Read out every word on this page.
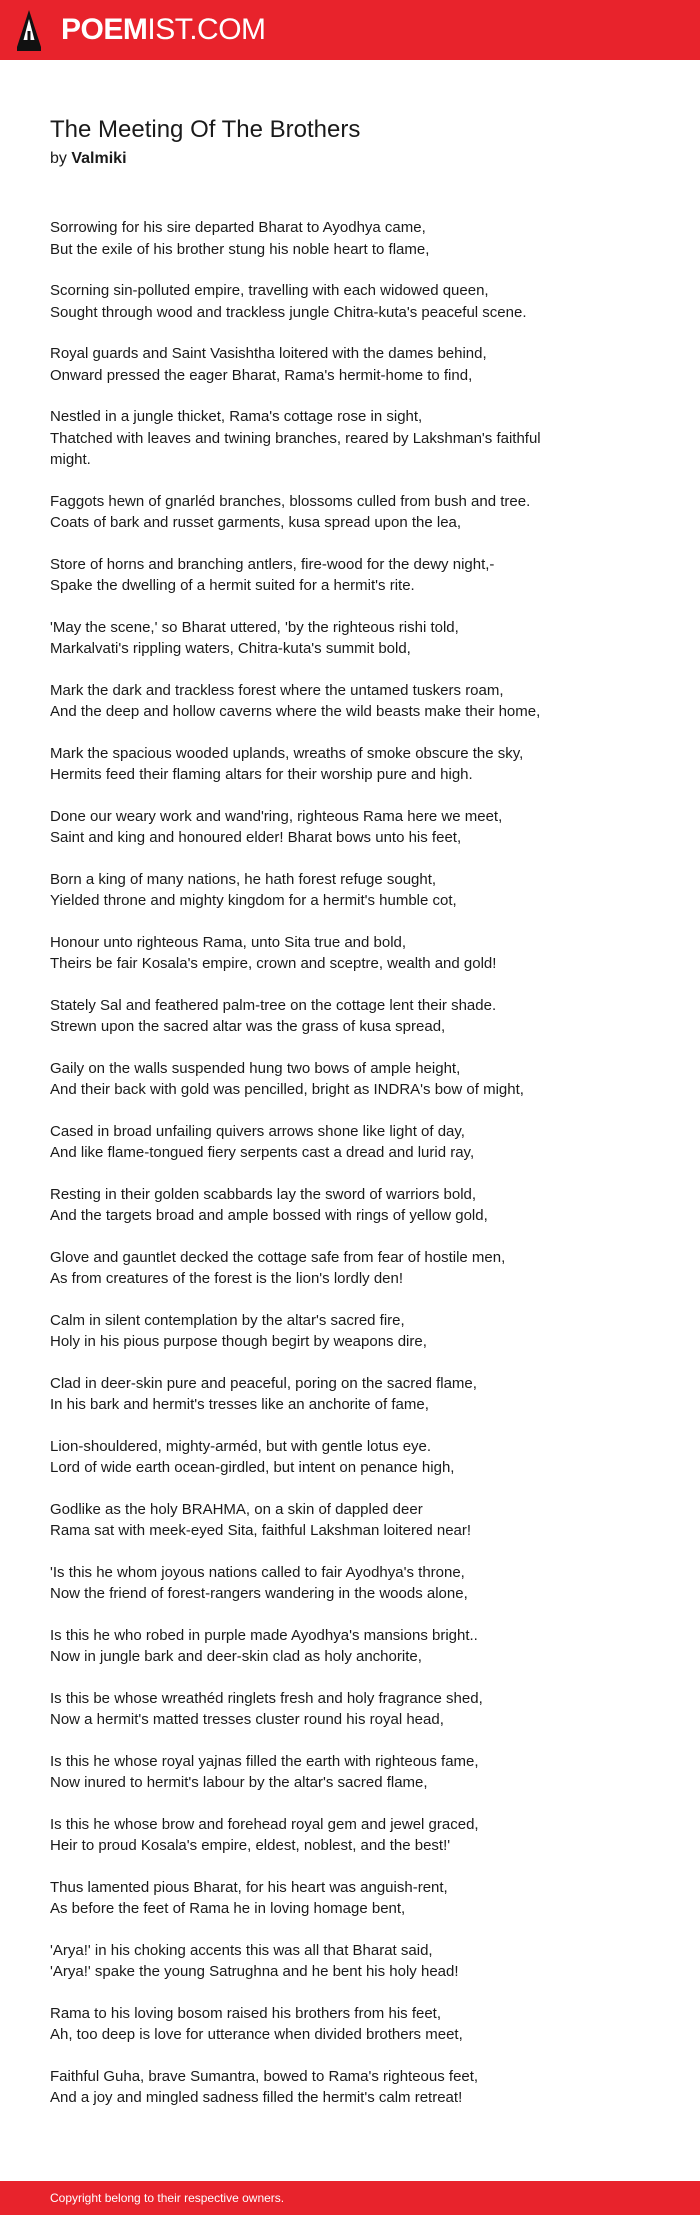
POEMIST.COM
The Meeting Of The Brothers
by Valmiki
Sorrowing for his sire departed Bharat to Ayodhya came,
But the exile of his brother stung his noble heart to flame,
Scorning sin-polluted empire, travelling with each widowed queen,
Sought through wood and trackless jungle Chitra-kuta's peaceful scene.
Royal guards and Saint Vasishtha loitered with the dames behind,
Onward pressed the eager Bharat, Rama's hermit-home to find,
Nestled in a jungle thicket, Rama's cottage rose in sight,
Thatched with leaves and twining branches, reared by Lakshman's faithful
might.
Faggots hewn of gnarléd branches, blossoms culled from bush and tree.
Coats of bark and russet garments, kusa spread upon the lea,
Store of horns and branching antlers, fire-wood for the dewy night,-
Spake the dwelling of a hermit suited for a hermit's rite.
'May the scene,' so Bharat uttered, 'by the righteous rishi told,
Markalvati's rippling waters, Chitra-kuta's summit bold,
Mark the dark and trackless forest where the untamed tuskers roam,
And the deep and hollow caverns where the wild beasts make their home,
Mark the spacious wooded uplands, wreaths of smoke obscure the sky,
Hermits feed their flaming altars for their worship pure and high.
Done our weary work and wand'ring, righteous Rama here we meet,
Saint and king and honoured elder! Bharat bows unto his feet,
Born a king of many nations, he hath forest refuge sought,
Yielded throne and mighty kingdom for a hermit's humble cot,
Honour unto righteous Rama, unto Sita true and bold,
Theirs be fair Kosala's empire, crown and sceptre, wealth and gold!
Stately Sal and feathered palm-tree on the cottage lent their shade.
Strewn upon the sacred altar was the grass of kusa spread,
Gaily on the walls suspended hung two bows of ample height,
And their back with gold was pencilled, bright as INDRA's bow of might,
Cased in broad unfailing quivers arrows shone like light of day,
And like flame-tongued fiery serpents cast a dread and lurid ray,
Resting in their golden scabbards lay the sword of warriors bold,
And the targets broad and ample bossed with rings of yellow gold,
Glove and gauntlet decked the cottage safe from fear of hostile men,
As from creatures of the forest is the lion's lordly den!
Calm in silent contemplation by the altar's sacred fire,
Holy in his pious purpose though begirt by weapons dire,
Clad in deer-skin pure and peaceful, poring on the sacred flame,
In his bark and hermit's tresses like an anchorite of fame,
Lion-shouldered, mighty-arméd, but with gentle lotus eye.
Lord of wide earth ocean-girdled, but intent on penance high,
Godlike as the holy BRAHMA, on a skin of dappled deer
Rama sat with meek-eyed Sita, faithful Lakshman loitered near!
'Is this he whom joyous nations called to fair Ayodhya's throne,
Now the friend of forest-rangers wandering in the woods alone,
Is this he who robed in purple made Ayodhya's mansions bright..
Now in jungle bark and deer-skin clad as holy anchorite,
Is this be whose wreathéd ringlets fresh and holy fragrance shed,
Now a hermit's matted tresses cluster round his royal head,
Is this he whose royal yajnas filled the earth with righteous fame,
Now inured to hermit's labour by the altar's sacred flame,
Is this he whose brow and forehead royal gem and jewel graced,
Heir to proud Kosala's empire, eldest, noblest, and the best!'
Thus lamented pious Bharat, for his heart was anguish-rent,
As before the feet of Rama he in loving homage bent,
'Arya!' in his choking accents this was all that Bharat said,
'Arya!' spake the young Satrughna and he bent his holy head!
Rama to his loving bosom raised his brothers from his feet,
Ah, too deep is love for utterance when divided brothers meet,
Faithful Guha, brave Sumantra, bowed to Rama's righteous feet,
And a joy and mingled sadness filled the hermit's calm retreat!
Copyright belong to their respective owners.
